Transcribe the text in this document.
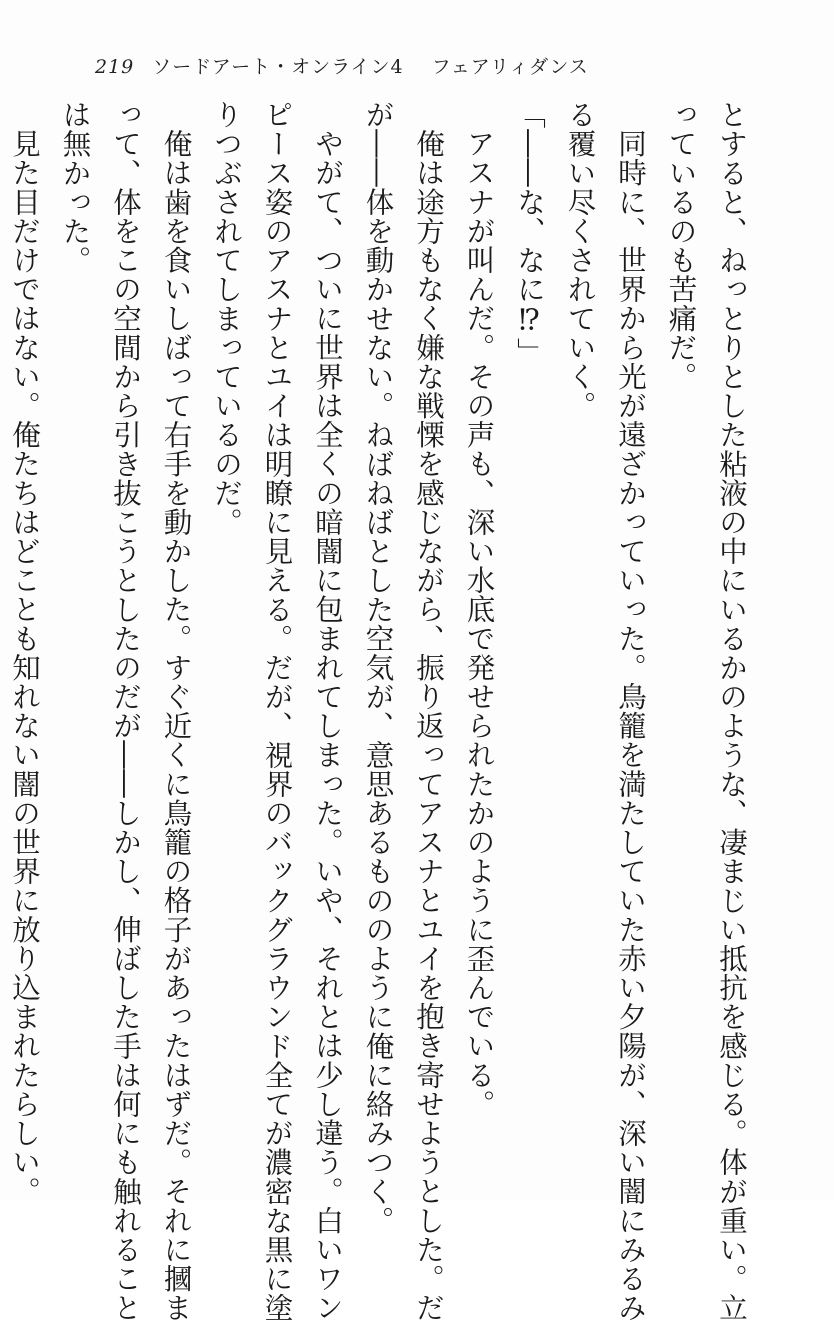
219 ソードアート・オンライン4 フェアリィダンス

とすると、ねっとりとした粘液の中にいるかのような、凄まじい抵抗を感じる。体が重い。立

っているのも苦痛だ。

同時に、世界から光が遠ざかっていった。鳥籠を満たしていた赤い夕陽が、深い闇にみるみ

る覆い尽くされていく。

「――な、なに⁉」

アスナが叫んだ。その声も、深い水底で発せられたかのように歪んでいる。

俺は途方もなく嫌な戦慄を感じながら、振り返ってアスナとユイを抱き寄せようとした。だ

が――体を動かせない。ねばねばとした空気が、意思あるもののように俺に絡みつく。

やがて、ついに世界は全くの暗闇に包まれてしまった。いや、それとは少し違う。白いワン

ピース姿のアスナとユイは明瞭に見える。だが、視界のバックグラウンド全てが濃密な黒に塗

りつぶされてしまっているのだ。

俺は歯を食いしばって右手を動かした。すぐ近くに鳥籠の格子があったはずだ。それに摑ま

って、体をこの空間から引き抜こうとしたのだが――しかし、伸ばした手は何にも触れること

は無かった。

見た目だけではない。俺たちはどことも知れない闇の世界に放り込まれたらしい。
